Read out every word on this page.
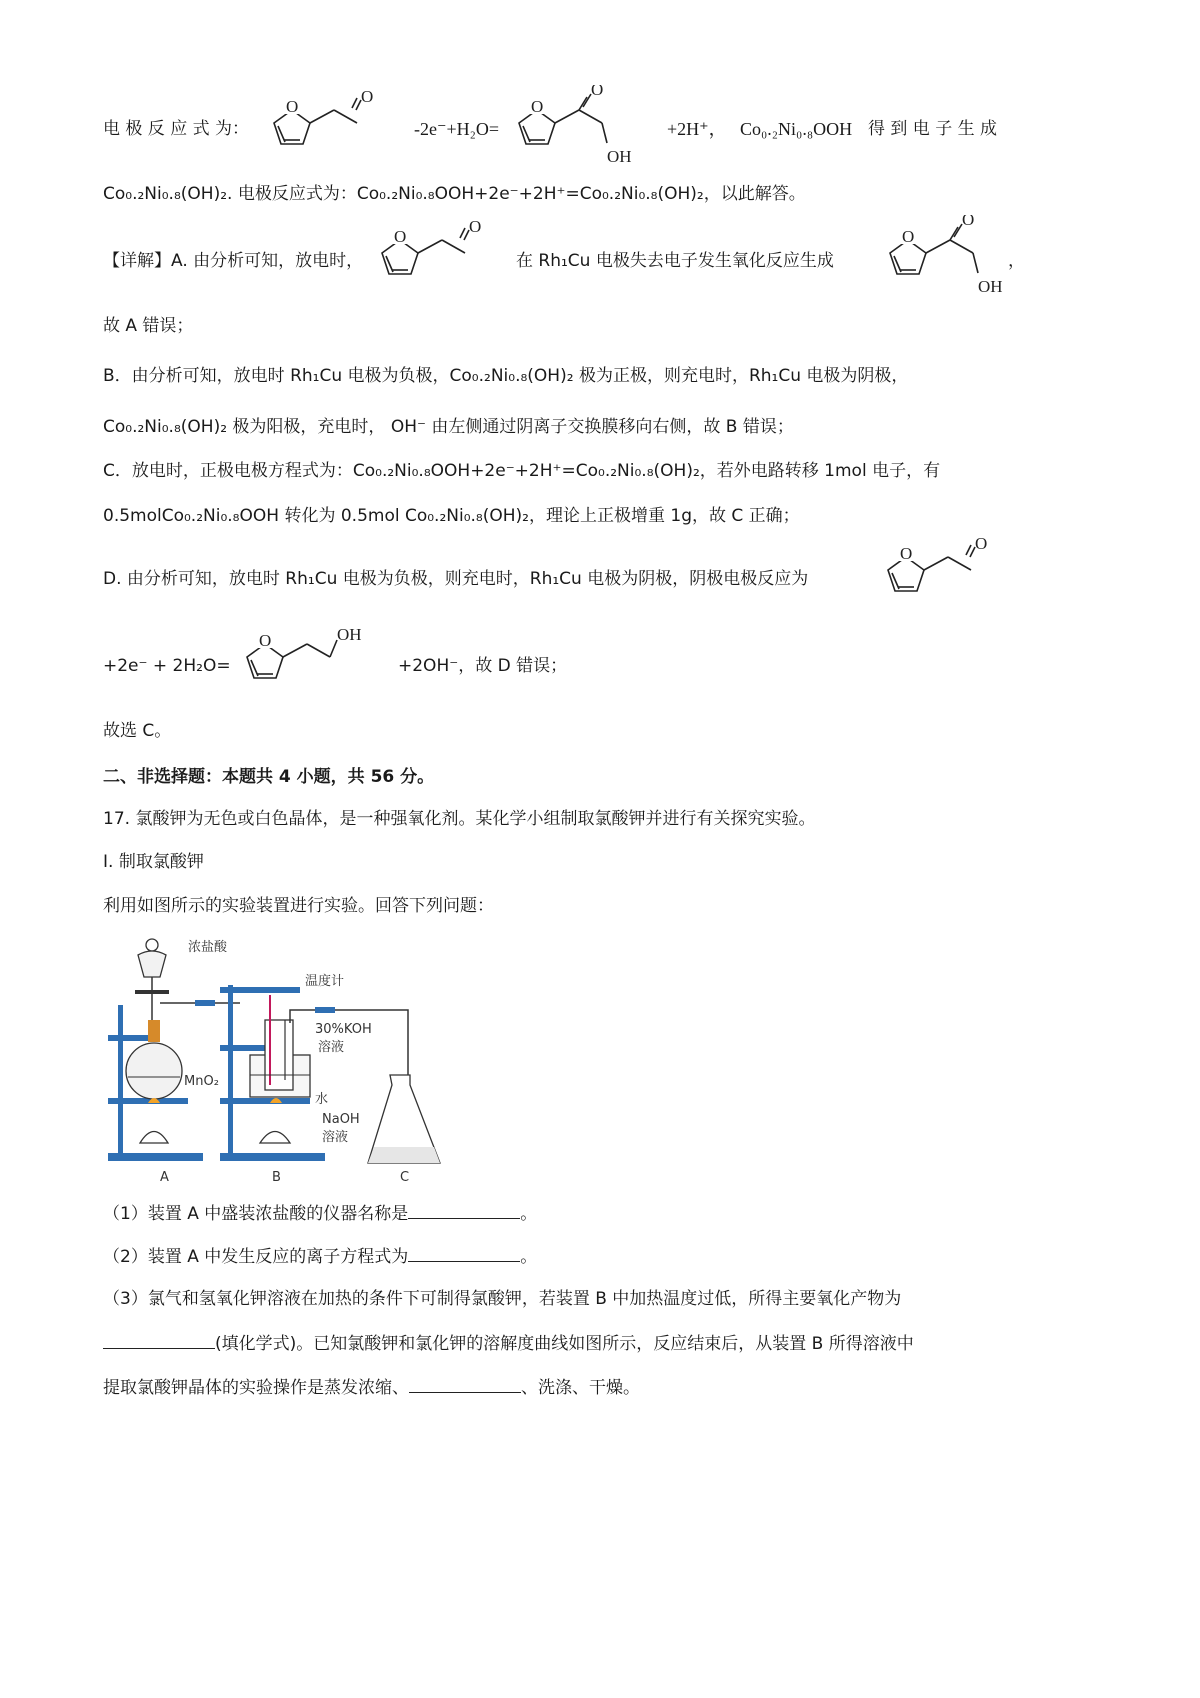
电 极 反 应 式 为：
O
O
-2e⁻+H₂O=
O
O
OH
+2H⁺， Co₀.₂Ni₀.₈OOH 得 到 电 子 生 成
Co₀.₂Ni₀.₈(OH)₂. 电极反应式为：Co₀.₂Ni₀.₈OOH+2e⁻+2H⁺=Co₀.₂Ni₀.₈(OH)₂，以此解答。
【详解】A. 由分析可知，放电时，
O
O
在 Rh₁Cu 电极失去电子发生氧化反应生成
O
O
OH
，
故 A 错误；
B．由分析可知，放电时 Rh₁Cu 电极为负极，Co₀.₂Ni₀.₈(OH)₂ 极为正极，则充电时，Rh₁Cu 电极为阴极，
Co₀.₂Ni₀.₈(OH)₂ 极为阳极，充电时， OH⁻ 由左侧通过阴离子交换膜移向右侧，故 B 错误；
C．放电时，正极电极方程式为：Co₀.₂Ni₀.₈OOH+2e⁻+2H⁺=Co₀.₂Ni₀.₈(OH)₂，若外电路转移 1mol 电子，有
0.5molCo₀.₂Ni₀.₈OOH 转化为 0.5mol Co₀.₂Ni₀.₈(OH)₂，理论上正极增重 1g，故 C 正确；
D. 由分析可知，放电时 Rh₁Cu 电极为负极，则充电时，Rh₁Cu 电极为阴极，阴极电极反应为
O
O
+2e⁻ + 2H₂O=
O	OH
+2OH⁻，故 D 错误；
故选 C。
二、非选择题：本题共 4 小题，共 56 分。
17. 氯酸钾为无色或白色晶体，是一种强氧化剂。某化学小组制取氯酸钾并进行有关探究实验。
I. 制取氯酸钾
利用如图所示的实验装置进行实验。回答下列问题：
浓盐酸
温度计
30%KOH
溶液
MnO₂
水
NaOH
溶液
A	B	C
（1）装置 A 中盛装浓盐酸的仪器名称是	。
（2）装置 A 中发生反应的离子方程式为	。
（3）氯气和氢氧化钾溶液在加热的条件下可制得氯酸钾，若装置 B 中加热温度过低，所得主要氧化产物为
(填化学式)。已知氯酸钾和氯化钾的溶解度曲线如图所示，反应结束后，从装置 B 所得溶液中
提取氯酸钾晶体的实验操作是蒸发浓缩、	、洗涤、干燥。
